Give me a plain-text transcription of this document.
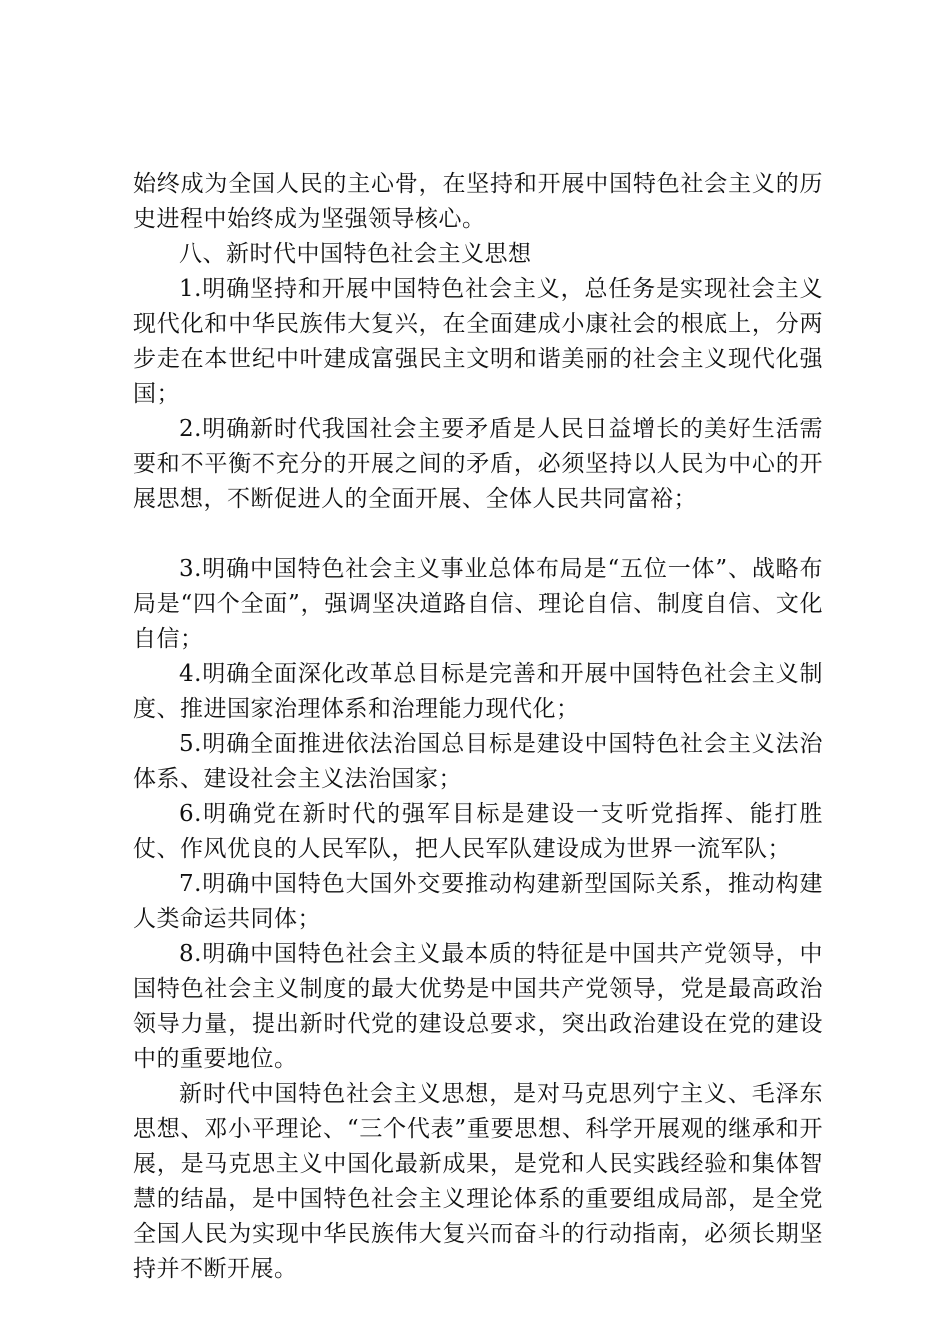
始终成为全国人民的主心骨，在坚持和开展中国特色社会主义的历史进程中始终成为坚强领导核心。

八、新时代中国特色社会主义思想

1.明确坚持和开展中国特色社会主义，总任务是实现社会主义现代化和中华民族伟大复兴，在全面建成小康社会的根底上，分两步走在本世纪中叶建成富强民主文明和谐美丽的社会主义现代化强国；

2.明确新时代我国社会主要矛盾是人民日益增长的美好生活需要和不平衡不充分的开展之间的矛盾，必须坚持以人民为中心的开展思想，不断促进人的全面开展、全体人民共同富裕；

3.明确中国特色社会主义事业总体布局是“五位一体”、战略布局是“四个全面”，强调坚决道路自信、理论自信、制度自信、文化自信；

4.明确全面深化改革总目标是完善和开展中国特色社会主义制度、推进国家治理体系和治理能力现代化；

5.明确全面推进依法治国总目标是建设中国特色社会主义法治体系、建设社会主义法治国家；

6.明确党在新时代的强军目标是建设一支听党指挥、能打胜仗、作风优良的人民军队，把人民军队建设成为世界一流军队；

7.明确中国特色大国外交要推动构建新型国际关系，推动构建人类命运共同体；

8.明确中国特色社会主义最本质的特征是中国共产党领导，中国特色社会主义制度的最大优势是中国共产党领导，党是最高政治领导力量，提出新时代党的建设总要求，突出政治建设在党的建设中的重要地位。

新时代中国特色社会主义思想，是对马克思列宁主义、毛泽东思想、邓小平理论、“三个代表”重要思想、科学开展观的继承和开展，是马克思主义中国化最新成果，是党和人民实践经验和集体智慧的结晶，是中国特色社会主义理论体系的重要组成局部，是全党全国人民为实现中华民族伟大复兴而奋斗的行动指南，必须长期坚持并不断开展。
